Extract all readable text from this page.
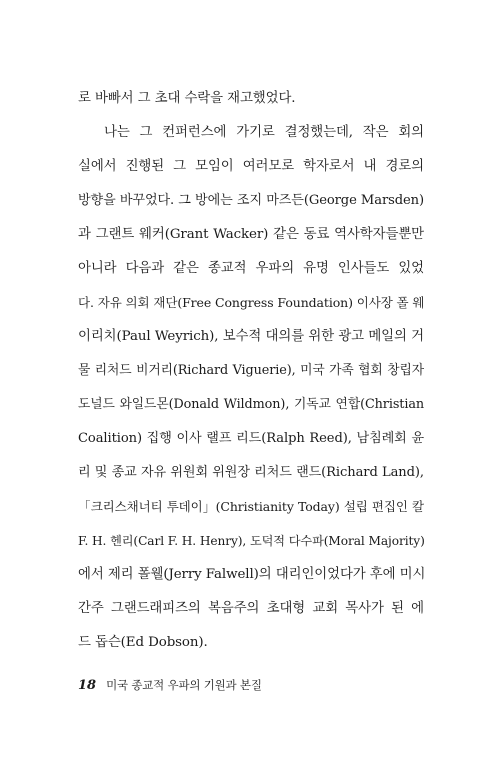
로 바빠서 그 초대 수락을 재고했었다.
나는 그 컨퍼런스에 가기로 결정했는데, 작은 회의
실에서 진행된 그 모임이 여러모로 학자로서 내 경로의
방향을 바꾸었다. 그 방에는 조지 마즈든(George Marsden)
과 그랜트 웨커(Grant Wacker) 같은 동료 역사학자들뿐만
아니라 다음과 같은 종교적 우파의 유명 인사들도 있었
다. 자유 의회 재단(Free Congress Foundation) 이사장 폴 웨
이리치(Paul Weyrich), 보수적 대의를 위한 광고 메일의 거
물 리처드 비거리(Richard Viguerie), 미국 가족 협회 창립자
도널드 와일드몬(Donald Wildmon), 기독교 연합(Christian
Coalition) 집행 이사 랠프 리드(Ralph Reed), 남침례회 윤
리 및 종교 자유 위원회 위원장 리처드 랜드(Richard Land),
「크리스채너티 투데이」(Christianity Today) 설립 편집인 칼
F. H. 헨리(Carl F. H. Henry), 도덕적 다수파(Moral Majority)
에서 제리 폴웰(Jerry Falwell)의 대리인이었다가 후에 미시
간주 그랜드래피즈의 복음주의 초대형 교회 목사가 된 에
드 돕슨(Ed Dobson).
18 미국 종교적 우파의 기원과 본질
